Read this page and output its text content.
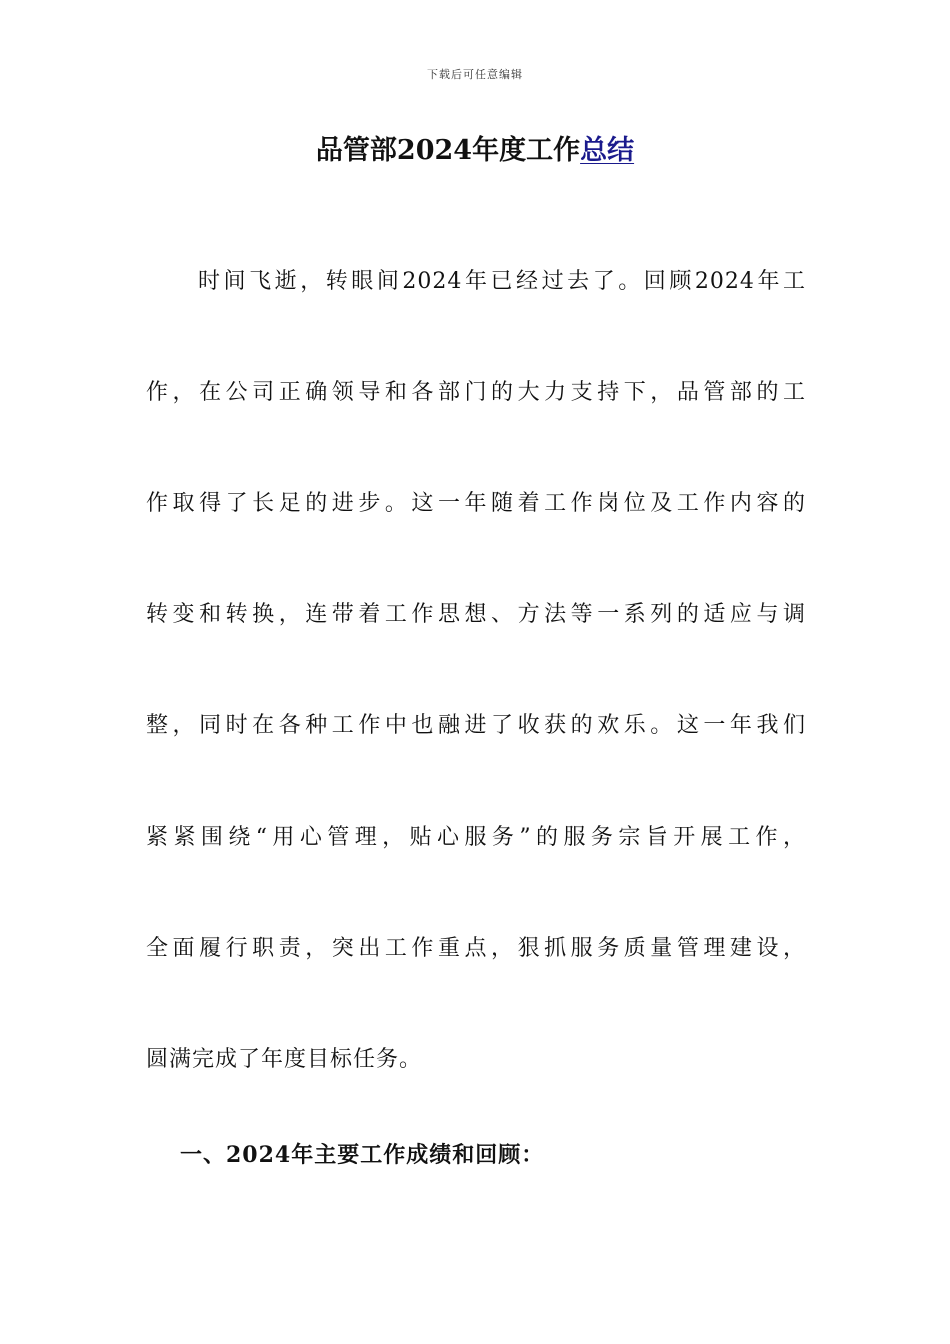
下载后可任意编辑
品管部2024年度工作总结
时间飞逝，转眼间2024年已经过去了。回顾2024年工
作，在公司正确领导和各部门的大力支持下，品管部的工
作取得了长足的进步。这一年随着工作岗位及工作内容的
转变和转换，连带着工作思想、方法等一系列的适应与调
整，同时在各种工作中也融进了收获的欢乐。这一年我们
紧紧围绕“用心管理，贴心服务”的服务宗旨开展工作，
全面履行职责，突出工作重点，狠抓服务质量管理建设，
圆满完成了年度目标任务。
一、2024年主要工作成绩和回顾：
